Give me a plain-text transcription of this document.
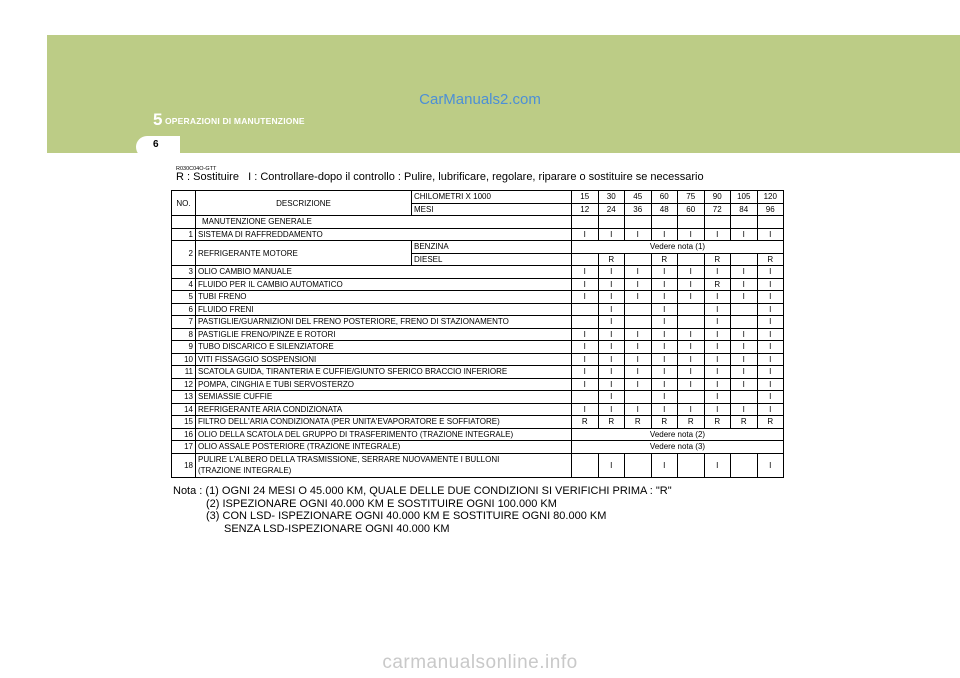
CarManuals2.com
5 OPERAZIONI DI MANUTENZIONE
6
R030C04O-GTT
R : Sostituire   I : Controllare-dopo il controllo : Pulire, lubrificare, regolare, riparare o sostituire se necessario
NO.	DESCRIZIONE	CHILOMETRI X 1000	15	30	45	60	75	90	105	120
		MESI	12	24	36	48	60	72	84	96
	MANUTENZIONE GENERALE									
1	SISTEMA DI RAFFREDDAMENTO		I	I	I	I	I	I	I	I
2	REFRIGERANTE MOTORE	BENZINA	Vedere nota (1)							
		DIESEL		R		R		R		R
3	OLIO CAMBIO MANUALE		I	I	I	I	I	I	I	I
4	FLUIDO PER IL CAMBIO AUTOMATICO		I	I	I	I	I	R	I	I
5	TUBI FRENO		I	I	I	I	I	I	I	I
6	FLUIDO FRENI			I		I		I		I
7	PASTIGLIE/GUARNIZIONI DEL FRENO POSTERIORE, FRENO DI STAZIONAMENTO			I		I		I		I
8	PASTIGLIE FRENO/PINZE E ROTORI		I	I	I	I	I	I	I	I
9	TUBO DISCARICO E SILENZIATORE		I	I	I	I	I	I	I	I
10	VITI FISSAGGIO SOSPENSIONI		I	I	I	I	I	I	I	I
11	SCATOLA GUIDA, TIRANTERIA E CUFFIE/GIUNTO SFERICO BRACCIO INFERIORE		I	I	I	I	I	I	I	I
12	POMPA, CINGHIA E TUBI SERVOSTERZO		I	I	I	I	I	I	I	I
13	SEMIASSIE CUFFIE			I		I		I		I
14	REFRIGERANTE ARIA CONDIZIONATA		I	I	I	I	I	I	I	I
15	FILTRO DELL'ARIA CONDIZIONATA (PER UNITA'EVAPORATORE E SOFFIATORE)		R	R	R	R	R	R	R	R
16	OLIO DELLA SCATOLA DEL GRUPPO DI TRASFERIMENTO (TRAZIONE INTEGRALE)		Vedere nota (2)							
17	OLIO ASSALE POSTERIORE (TRAZIONE INTEGRALE)		Vedere nota (3)							
18	PULIRE L'ALBERO DELLA TRASMISSIONE, SERRARE NUOVAMENTE I BULLONI			I		I		I		I
	(TRAZIONE INTEGRALE)									
Nota : (1) OGNI 24 MESI O 45.000 KM, QUALE DELLE DUE CONDIZIONI SI VERIFICHI PRIMA : "R"
(2) ISPEZIONARE OGNI 40.000 KM E SOSTITUIRE OGNI 100.000 KM
(3) CON LSD- ISPEZIONARE OGNI 40.000 KM E SOSTITUIRE OGNI 80.000 KM
SENZA LSD-ISPEZIONARE OGNI 40.000 KM
carmanualsonline.info
